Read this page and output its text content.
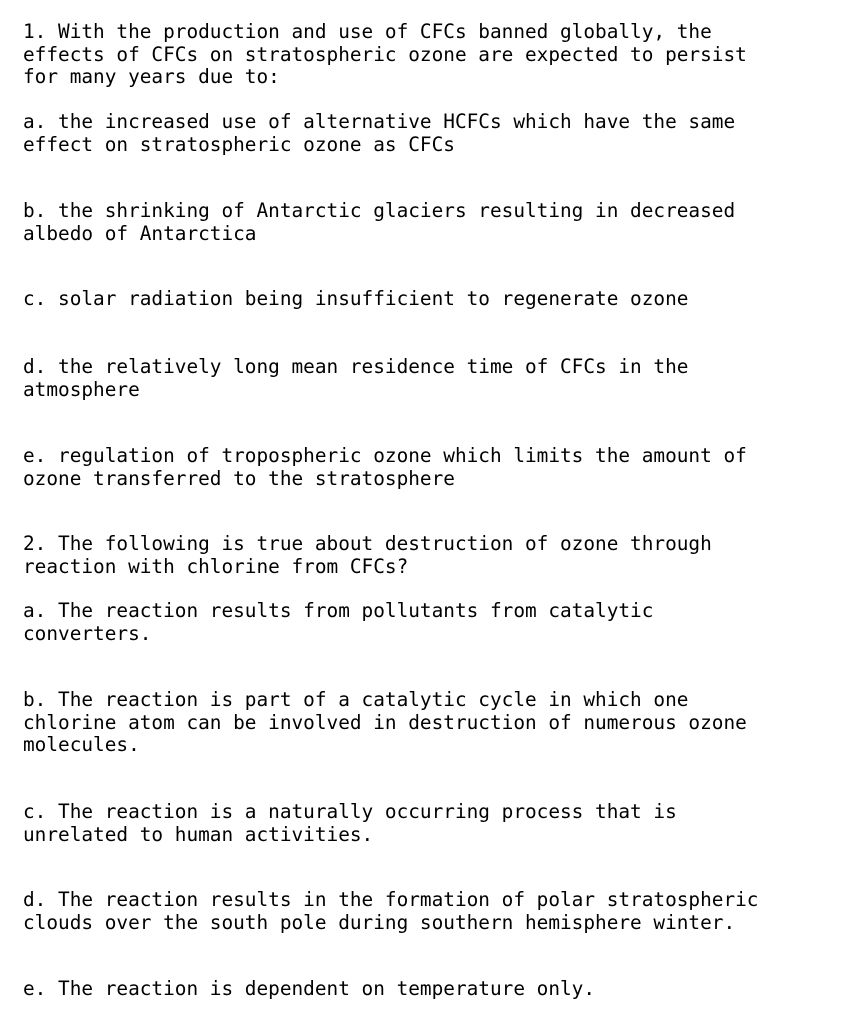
1. With the production and use of CFCs banned globally, the
effects of CFCs on stratospheric ozone are expected to persist
for many years due to:
a. the increased use of alternative HCFCs which have the same
effect on stratospheric ozone as CFCs
b. the shrinking of Antarctic glaciers resulting in decreased
albedo of Antarctica
c. solar radiation being insufficient to regenerate ozone
d. the relatively long mean residence time of CFCs in the
atmosphere
e. regulation of tropospheric ozone which limits the amount of
ozone transferred to the stratosphere
2. The following is true about destruction of ozone through
reaction with chlorine from CFCs?
a. The reaction results from pollutants from catalytic
converters.
b. The reaction is part of a catalytic cycle in which one
chlorine atom can be involved in destruction of numerous ozone
molecules.
c. The reaction is a naturally occurring process that is
unrelated to human activities.
d. The reaction results in the formation of polar stratospheric
clouds over the south pole during southern hemisphere winter.
e. The reaction is dependent on temperature only.
